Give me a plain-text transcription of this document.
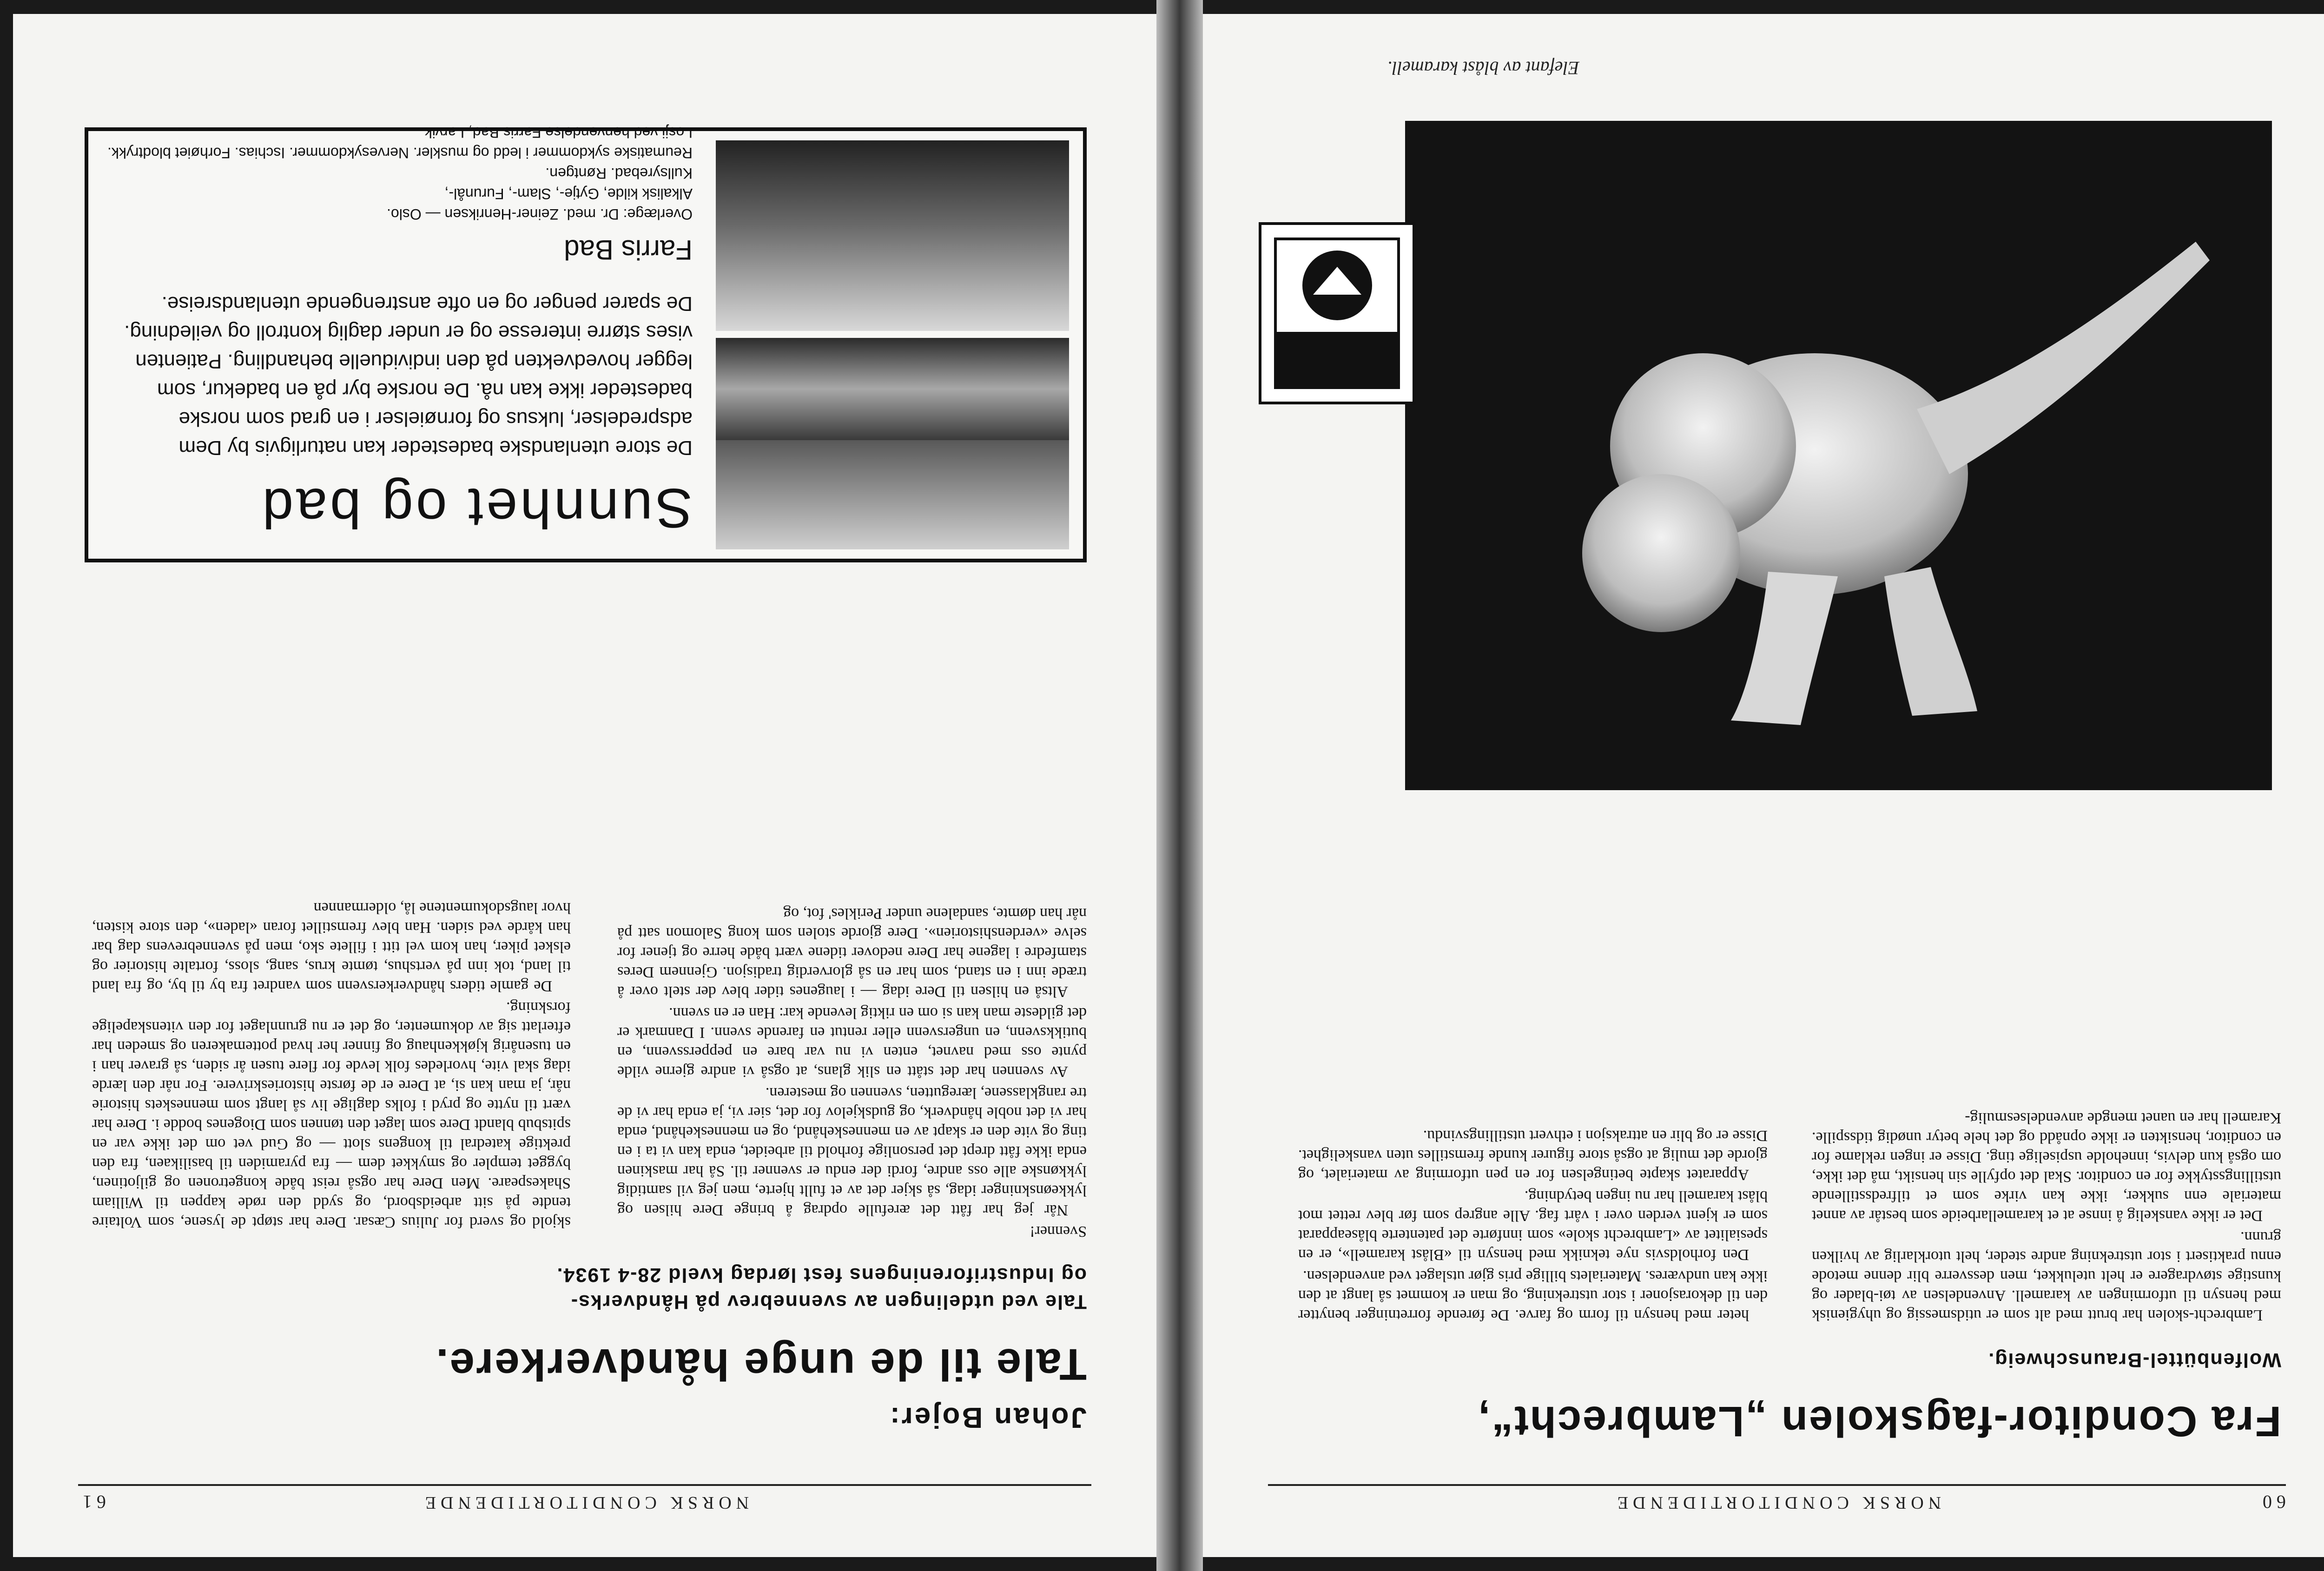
60
NORSK CONDITORTIDENDE
Fra Conditor-fagskolen „Lambrecht“,
Wolfenbüttel-Braunschweig.

Lambrecht-skolen har brutt med alt som er utidsmessig og uhygienisk med hensyn til utformingen av karamell. Anvendelsen av tøi-blader og kunstige støvdragere er helt utelukket, men dessverre blir denne metode ennu praktisert i stor utstrekning andre steder, helt utorklarlig av hvilken grunn.

Det er ikke vanskelig å innse at et karamellarbeide som består av annet materiale enn sukker, ikke kan virke som et tilfredsstillende utstillingsstykke for en conditor. Skal det opfylle sin hensikt, må det ikke, om også kun delvis, inneholde uspiselige ting. Disse er ingen reklame for en conditor, hensikten er ikke opnådd og det hele betyr unødig tidsspille. Karamell har en uanet mengde anvendelsesmulig-

heter med hensyn til form og farve. De førende forretninger benytter den til dekorasjoner i stor utstrekning, og man er kommet så langt at den ikke kan undværes. Materialets billige pris gjør utslaget ved anvendelsen.

Den forholdsvis nye teknikk med hensyn til «Blåst karamell», er en spesialitet av «Lambrecht skole» som innførte det patenterte blåseapparat som er kjent verden over i vårt fag. Alle angrep som før blev rettet mot blåst karamell har nu ingen betydning.

Apparatet skapte betingelsen for en pen utforming av materialet, og gjorde det mulig at også store figurer kunde fremstilles uten vanskelighet. Disse er og blir en attraksjon i ethvert utstillingsvindu.

Elefant av blåst karamell.
NORSK CONDITORTIDENDE
61
Johan Bojer:
Tale til de unge håndverkere.
Tale ved utdelingen av svennebrev på Håndverks-
og Industriforeningens fest lørdag kveld 28-4 1934.

Svenner!

Når jeg har fått det ærefulle opdrag å bringe Dere hilsen og lykkeønskninger idag, så skjer det av et fullt hjerte, men jeg vil samtidig lykkønske alle oss andre, fordi der endu er svenner til. Så har maskinen enda ikke fått drept det personlige forhold til arbeidet, enda kan vi ta i en ting og vite den er skapt av en menneskehånd, og en menneskehånd, enda har vi det noble håndverk, og gudskjelov for det, sier vi, ja enda har vi de tre rangklassene, læregutten, svennen og mesteren.

Av svennen har det stått en slik glans, at også vi andre gjerne vilde pynte oss med navnet, enten vi nu var bare en pepperssvenn, en butikksvenn, en ungersvenn eller rentut en farende svenn. I Danmark er det gildeste man kan si om en riktig levende kar: Han er en svenn.

Altså en hilsen til Dere idag — i laugenes tider blev der stelt over å træde inn i en stand, som har en så glorverdig tradisjon. Gjennem Deres stamfedre i lagene har Dere nedover tidene vært både herre og tjener for selve «verdenshistorien». Dere gjorde stolen som kong Salomon satt på når han dømte, sandalene under Perikles' fot, og

skjold og sverd for Julius Cæsar. Dere har støpt de lysene, som Voltaire tendte på sitt arbeidsbord, og sydd den røde kappen til William Shakespeare. Men Dere har også reist både kongetronen og giljotinen, bygget templer og smykket dem — fra pyramiden til basilikaen, fra den prektige katedral til kongens slott — og Gud vet om det ikke var en spitsbub blandt Dere som laget den tønnen som Diogenes bodde i. Dere har vært til nytte og pryd i folks daglige liv så langt som menneskets historie når, ja man kan si, at Dere er de første historieskrivere. For når den lærde idag skal vite, hvorledes folk levde for flere tusen år siden, så graver han i en tusenårig kjøkkenhaug og finner her hvad pottemakeren og smeden har efterlatt sig av dokumenter, og det er nu grunnlaget for den vitenskapelige forskning.

De gamle tiders håndverkersvenn som vandret fra by til by, og fra land til land, tok inn på vertshus, tømte krus, sang, sloss, fortalte historier og elsket piker, han kom vel titt i fillete sko, men på svennebrevens dag bar han kårde ved siden. Han blev fremstillet foran «laden», den store kisten, hvor laugsdokumentene lå, oldermannen

Sunnhet og bad
De store utenlandske badesteder kan naturligvis by Dem adspredelser, luksus og fornøielser i en grad som norske badesteder ikke kan nå. De norske byr på en badekur, som legger hovedvekten på den individuelle behandling. Patienten vises større interesse og er under daglig kontroll og veiledning. De sparer penger og en ofte anstrengende utenlandsreise.
Farris Bad
Overlæge: Dr. med. Zeiner-Henriksen — Oslo.
Alkalisk kilde, Gytje-, Slam-, Furunål-,
Kullsyrebad. Røntgen.
Reumatiske sykdommer i ledd og muskler. Nervesykdommer. Ischias. Forhøiet blodtrykk.
Losji ved henvendelse Farris Bad, Larvik.
